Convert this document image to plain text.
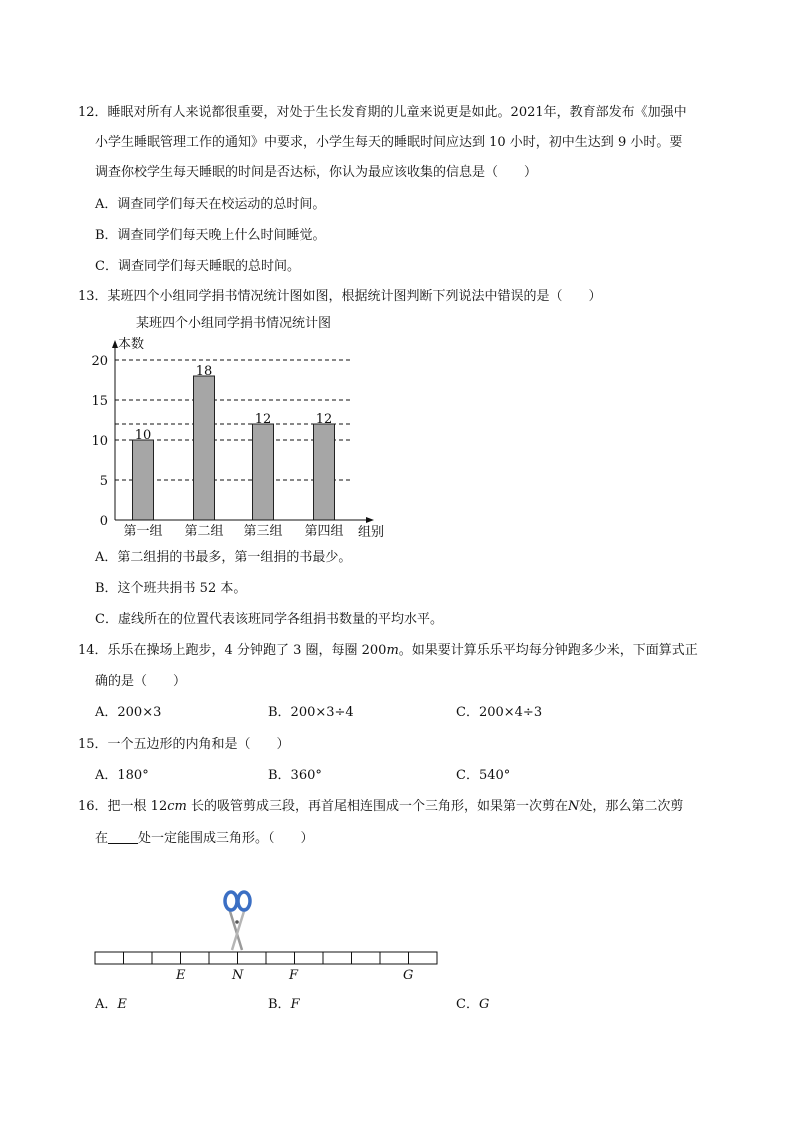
12．睡眠对所有人来说都很重要，对处于生长发育期的儿童来说更是如此。2021年，教育部发布《加强中
小学生睡眠管理工作的通知》中要求，小学生每天的睡眠时间应达到 10 小时，初中生达到 9 小时。要
调查你校学生每天睡眠的时间是否达标，你认为最应该收集的信息是（　　）
A．调查同学们每天在校运动的总时间。
B．调查同学们每天晚上什么时间睡觉。
C．调查同学们每天睡眠的总时间。
13．某班四个小组同学捐书情况统计图如图，根据统计图判断下列说法中错误的是（　　）
某班四个小组同学捐书情况统计图
本数
组别
10
第一组
18
第二组
12
第三组
12
第四组
0
5
10
15
20
A．第二组捐的书最多，第一组捐的书最少。
B．这个班共捐书 52 本。
C．虚线所在的位置代表该班同学各组捐书数量的平均水平。
14．乐乐在操场上跑步，4 分钟跑了 3 圈，每圈 200m。如果要计算乐乐平均每分钟跑多少米，下面算式正
确的是（　　）
A．200×3	B．200×3÷4	C．200×4÷3
15．一个五边形的内角和是（　　）
A．180°	B．360°	C．540°
16．把一根 12cm 长的吸管剪成三段，再首尾相连围成一个三角形，如果第一次剪在N处，那么第二次剪
在 处一定能围成三角形。（　　）
E	N	F	G
A．E	B．F	C．G
